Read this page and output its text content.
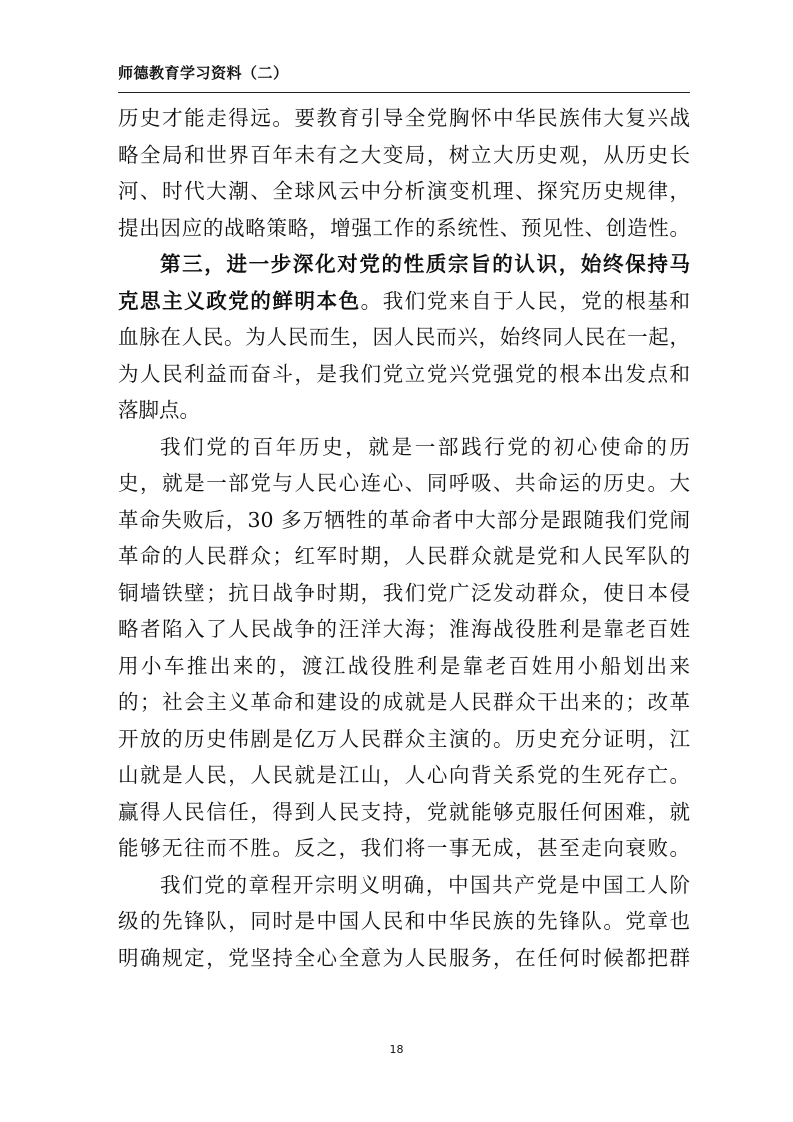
师德教育学习资料（二）
历史才能走得远。要教育引导全党胸怀中华民族伟大复兴战
略全局和世界百年未有之大变局，树立大历史观，从历史长
河、时代大潮、全球风云中分析演变机理、探究历史规律，
提出因应的战略策略，增强工作的系统性、预见性、创造性。
第三，进一步深化对党的性质宗旨的认识，始终保持马
克思主义政党的鲜明本色。我们党来自于人民，党的根基和
血脉在人民。为人民而生，因人民而兴，始终同人民在一起，
为人民利益而奋斗，是我们党立党兴党强党的根本出发点和
落脚点。
我们党的百年历史，就是一部践行党的初心使命的历
史，就是一部党与人民心连心、同呼吸、共命运的历史。大
革命失败后，30 多万牺牲的革命者中大部分是跟随我们党闹
革命的人民群众；红军时期，人民群众就是党和人民军队的
铜墙铁壁；抗日战争时期，我们党广泛发动群众，使日本侵
略者陷入了人民战争的汪洋大海；淮海战役胜利是靠老百姓
用小车推出来的，渡江战役胜利是靠老百姓用小船划出来
的；社会主义革命和建设的成就是人民群众干出来的；改革
开放的历史伟剧是亿万人民群众主演的。历史充分证明，江
山就是人民，人民就是江山，人心向背关系党的生死存亡。
赢得人民信任，得到人民支持，党就能够克服任何困难，就
能够无往而不胜。反之，我们将一事无成，甚至走向衰败。
我们党的章程开宗明义明确，中国共产党是中国工人阶
级的先锋队，同时是中国人民和中华民族的先锋队。党章也
明确规定，党坚持全心全意为人民服务，在任何时候都把群
18
